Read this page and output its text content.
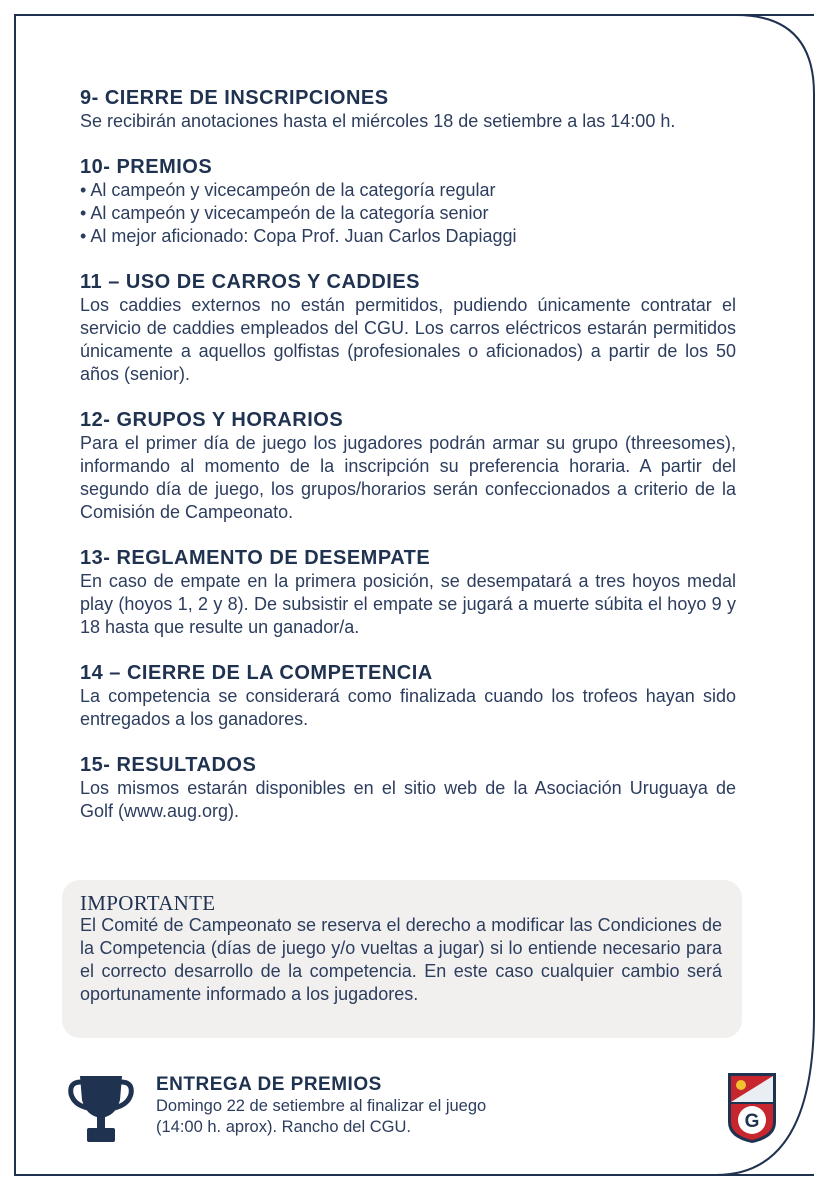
9- CIERRE DE INSCRIPCIONES

Se recibirán anotaciones hasta el miércoles 18 de setiembre a las 14:00 h.

10- PREMIOS
• Al campeón y vicecampeón de la categoría regular
• Al campeón y vicecampeón de la categoría senior
• Al mejor aficionado: Copa Prof. Juan Carlos Dapiaggi
11 – USO DE CARROS Y CADDIES

Los caddies externos no están permitidos, pudiendo únicamente contratar el servicio de caddies empleados del CGU. Los carros eléctricos estarán permitidos únicamente a aquellos golfistas (profesionales o aficionados) a partir de los 50 años (senior).

12- GRUPOS Y HORARIOS

Para el primer día de juego los jugadores podrán armar su grupo (threesomes), informando al momento de la inscripción su preferencia horaria. A partir del segundo día de juego, los grupos/horarios serán confeccionados a criterio de la Comisión de Campeonato.

13- REGLAMENTO DE DESEMPATE

En caso de empate en la primera posición, se desempatará a tres hoyos medal play (hoyos 1, 2 y 8). De subsistir el empate se jugará a muerte súbita el hoyo 9 y 18 hasta que resulte un ganador/a.

14 – CIERRE DE LA COMPETENCIA

La competencia se considerará como finalizada cuando los trofeos hayan sido entregados a los ganadores.

15- RESULTADOS

Los mismos estarán disponibles en el sitio web de la Asociación Uruguaya de Golf (www.aug.org).

IMPORTANTE

El Comité de Campeonato se reserva el derecho a modificar las Condiciones de la Competencia (días de juego y/o vueltas a jugar) si lo entiende necesario para el correcto desarrollo de la competencia. En este caso cualquier cambio será oportunamente informado a los jugadores.

ENTREGA DE PREMIOS

Domingo 22 de setiembre al finalizar el juego

(14:00 h. aprox). Rancho del CGU.	G
